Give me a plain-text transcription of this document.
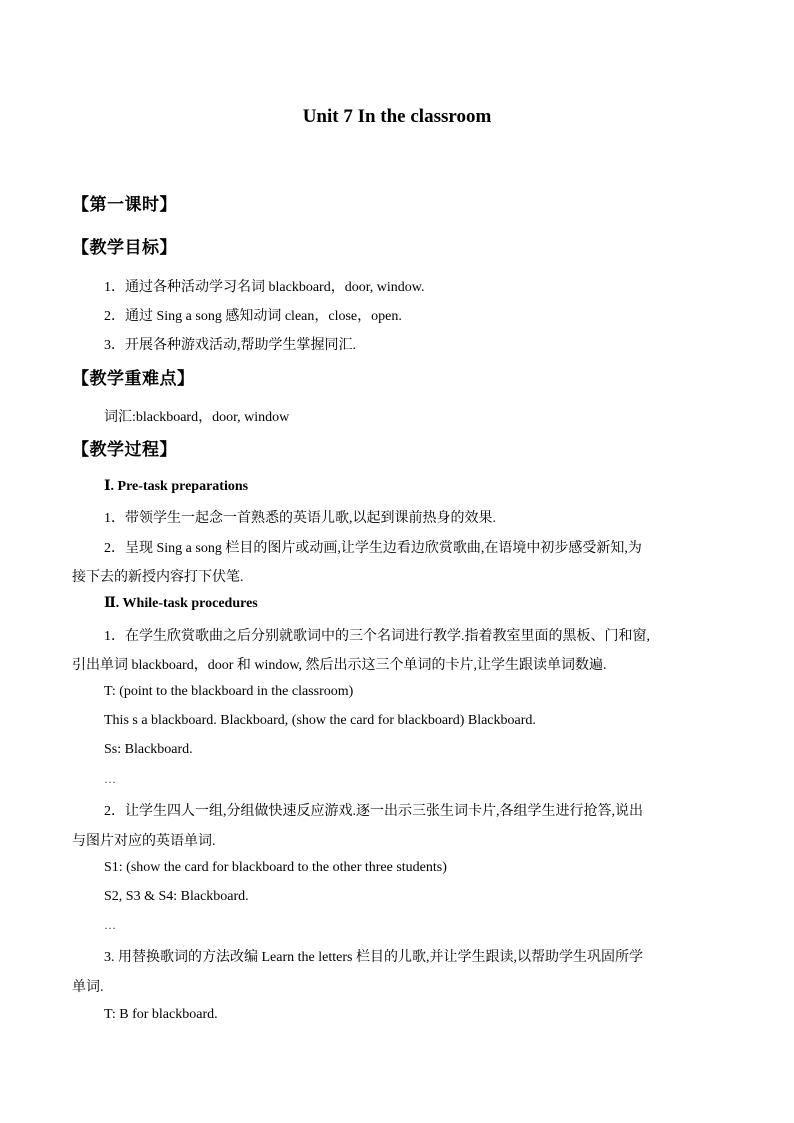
Unit 7 In the classroom
【第一课时】
【教学目标】
1．通过各种活动学习名词 blackboard，door, window.
2．通过 Sing a song 感知动词 clean，close，open.
3．开展各种游戏活动,帮助学生掌握同汇.
【教学重难点】
词汇:blackboard，door, window
【教学过程】
Ⅰ. Pre-task preparations
1．带领学生一起念一首熟悉的英语儿歌,以起到课前热身的效果.
2．呈现 Sing a song 栏目的图片或动画,让学生边看边欣赏歌曲,在语境中初步感受新知,为
接下去的新授内容打下伏笔.
Ⅱ. While-task procedures
1．在学生欣赏歌曲之后分别就歌词中的三个名词进行教学.指着教室里面的黑板、门和窗,
引出单词 blackboard，door 和 window, 然后出示这三个单词的卡片,让学生跟读单词数遍.
T: (point to the blackboard in the classroom)
This s a blackboard. Blackboard, (show the card for blackboard) Blackboard.
Ss: Blackboard.
…
2．让学生四人一组,分组做快速反应游戏.逐一出示三张生词卡片,各组学生进行抢答,说出
与图片对应的英语单词.
S1: (show the card for blackboard to the other three students)
S2, S3 & S4: Blackboard.
…
3. 用替换歌词的方法改编 Learn the letters 栏目的儿歌,并让学生跟读,以帮助学生巩固所学
单词.
T: B for blackboard.
